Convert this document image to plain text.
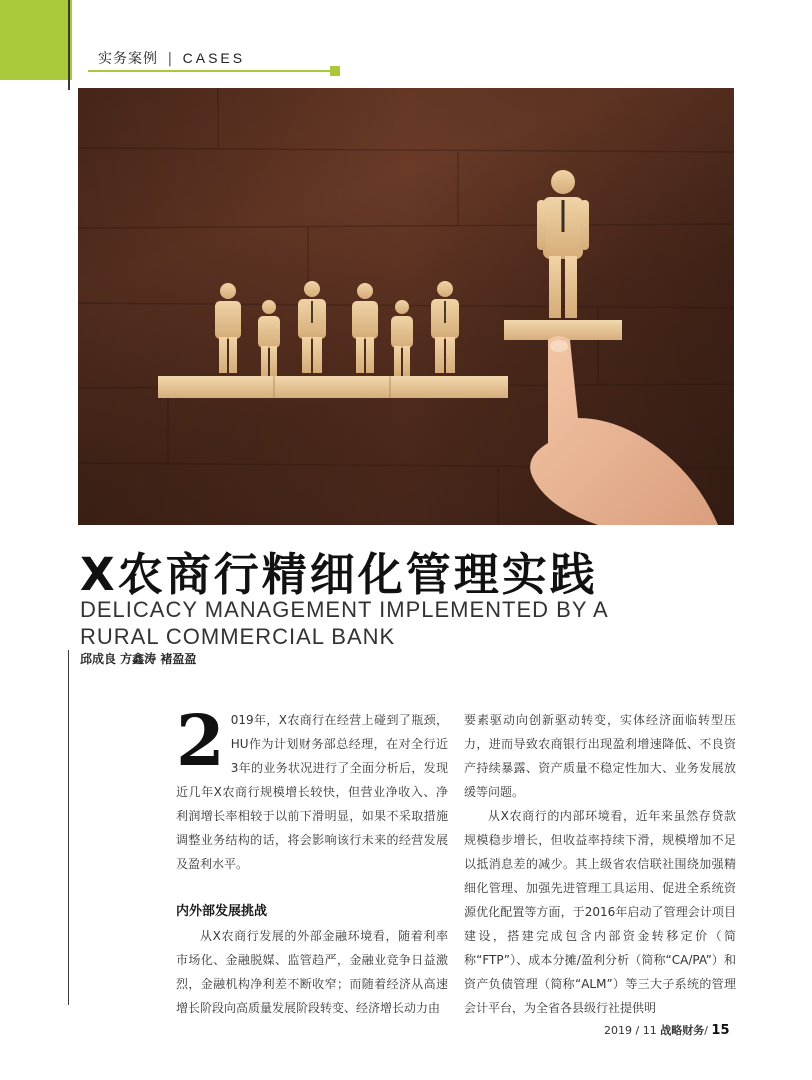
实务案例 | CASES
X农商行精细化管理实践
DELICACY MANAGEMENT IMPLEMENTED BY A RURAL COMMERCIAL BANK
邱成良 方鑫涛 褚盈盈

2 019年，X农商行在经营上碰到了瓶颈，HU作为计划财务部总经理，在对全行近3年的业务状况进行了全面分析后，发现近几年X农商行规模增长较快，但营业净收入、净利润增长率相较于以前下滑明显，如果不采取措施调整业务结构的话，将会影响该行未来的经营发展及盈利水平。

内外部发展挑战

从X农商行发展的外部金融环境看，随着利率市场化、金融脱媒、监管趋严，金融业竞争日益激烈，金融机构净利差不断收窄；而随着经济从高速增长阶段向高质量发展阶段转变、经济增长动力由

要素驱动向创新驱动转变，实体经济面临转型压力，进而导致农商银行出现盈利增速降低、不良资产持续暴露、资产质量不稳定性加大、业务发展放缓等问题。

从X农商行的内部环境看，近年来虽然存贷款规模稳步增长，但收益率持续下滑，规模增加不足以抵消息差的减少。其上级省农信联社围绕加强精细化管理、加强先进管理工具运用、促进全系统资源优化配置等方面，于2016年启动了管理会计项目建设，搭建完成包含内部资金转移定价（简称“FTP”）、成本分摊/盈利分析（简称“CA/PA”）和资产负债管理（简称“ALM”）等三大子系统的管理会计平台，为全省各县级行社提供明

2019 / 11 战略财务/ 15
